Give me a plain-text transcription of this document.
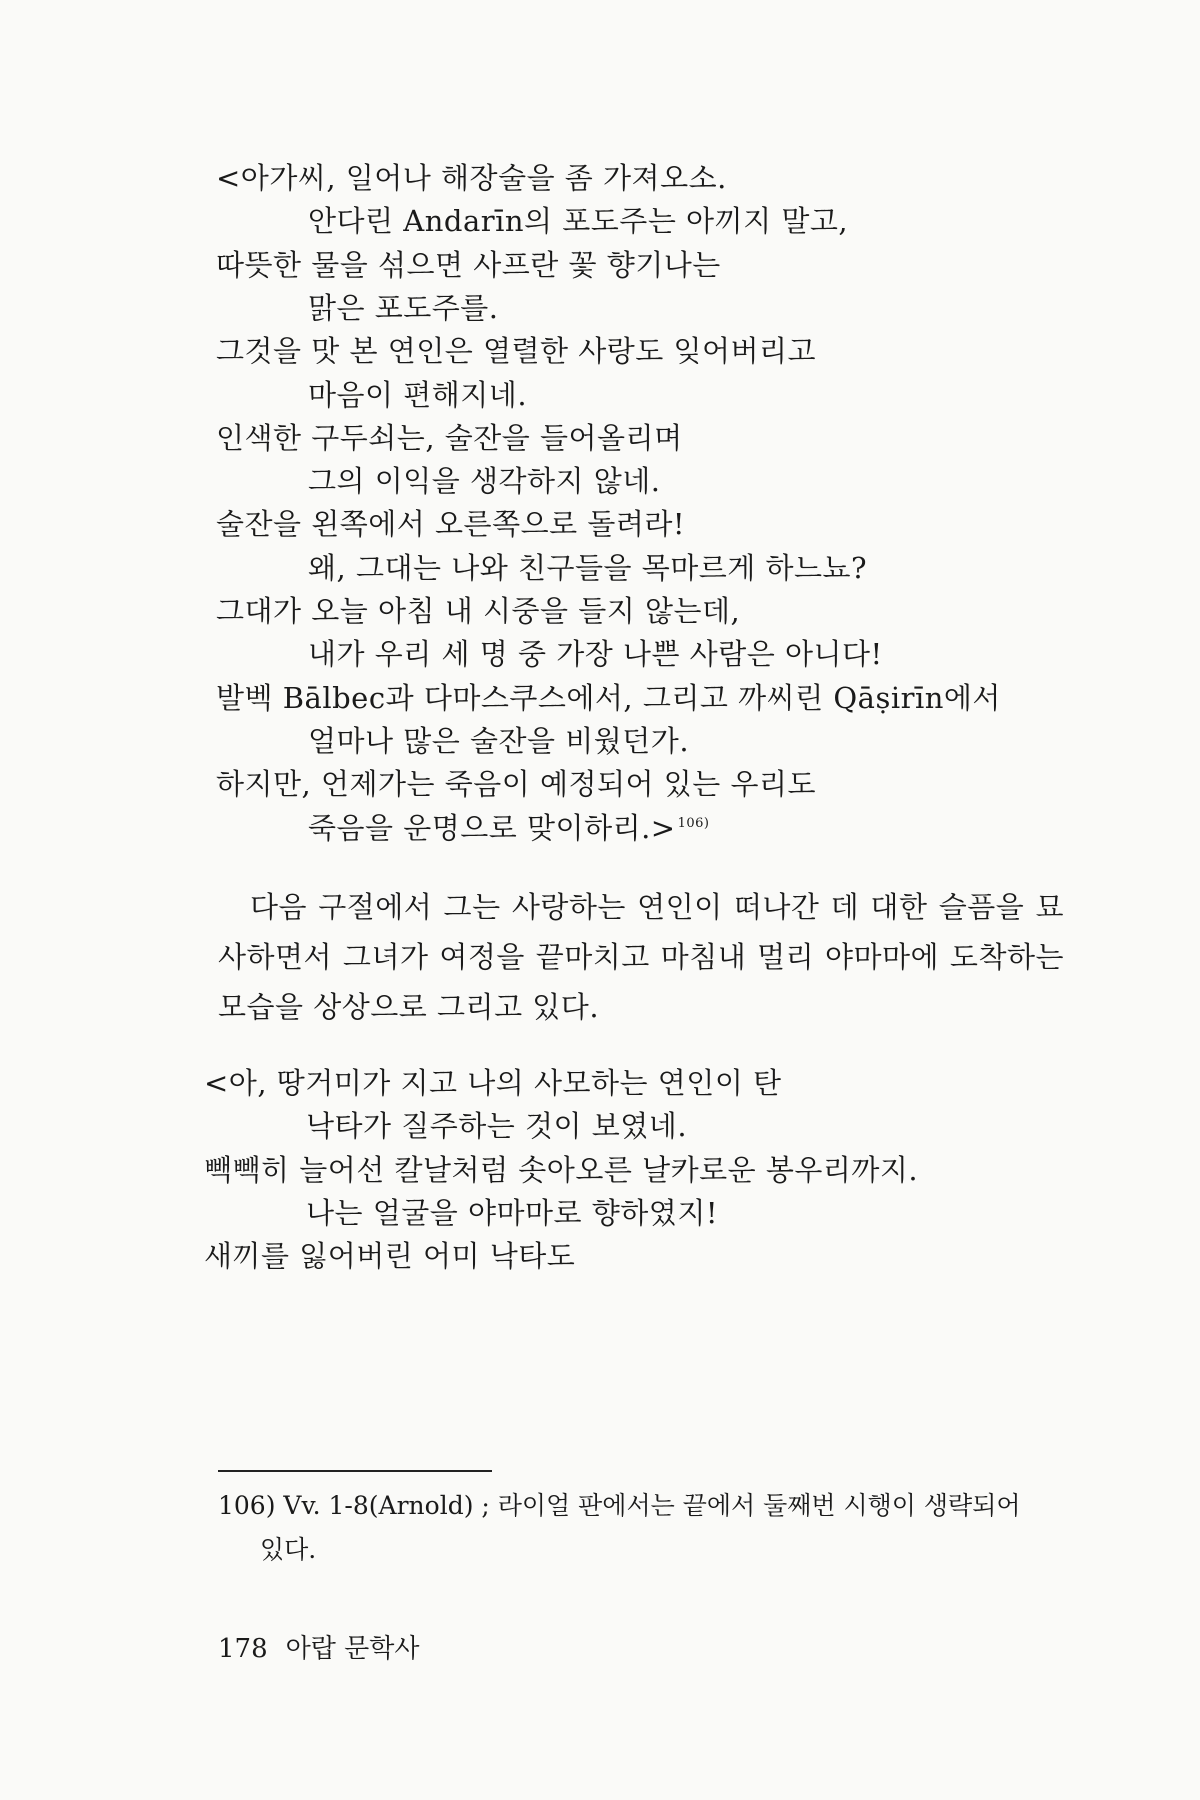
<아가씨, 일어나 해장술을 좀 가져오소.
안다린 Andarīn의 포도주는 아끼지 말고,
따뜻한 물을 섞으면 사프란 꽃 향기나는
맑은 포도주를.
그것을 맛 본 연인은 열렬한 사랑도 잊어버리고
마음이 편해지네.
인색한 구두쇠는, 술잔을 들어올리며
그의 이익을 생각하지 않네.
술잔을 왼쪽에서 오른쪽으로 돌려라!
왜, 그대는 나와 친구들을 목마르게 하느뇨?
그대가 오늘 아침 내 시중을 들지 않는데,
내가 우리 세 명 중 가장 나쁜 사람은 아니다!
발벡 Bālbec과 다마스쿠스에서, 그리고 까씨린 Qāṣirīn에서
얼마나 많은 술잔을 비웠던가.
하지만, 언제가는 죽음이 예정되어 있는 우리도
죽음을 운명으로 맞이하리.> $^{106)}$
다음 구절에서 그는 사랑하는 연인이 떠나간 데 대한 슬픔을 묘사하면서 그녀가 여정을 끝마치고 마침내 멀리 야마마에 도착하는 모습을 상상으로 그리고 있다.
<아, 땅거미가 지고 나의 사모하는 연인이 탄
낙타가 질주하는 것이 보였네.
빽빽히 늘어선 칼날처럼 솟아오른 날카로운 봉우리까지.
나는 얼굴을 야마마로 향하였지!
새끼를 잃어버린 어미 낙타도
106) Vv. 1-8(Arnold) ; 라이얼 판에서는 끝에서 둘째번 시행이 생략되어
있다.
178 아랍 문학사
